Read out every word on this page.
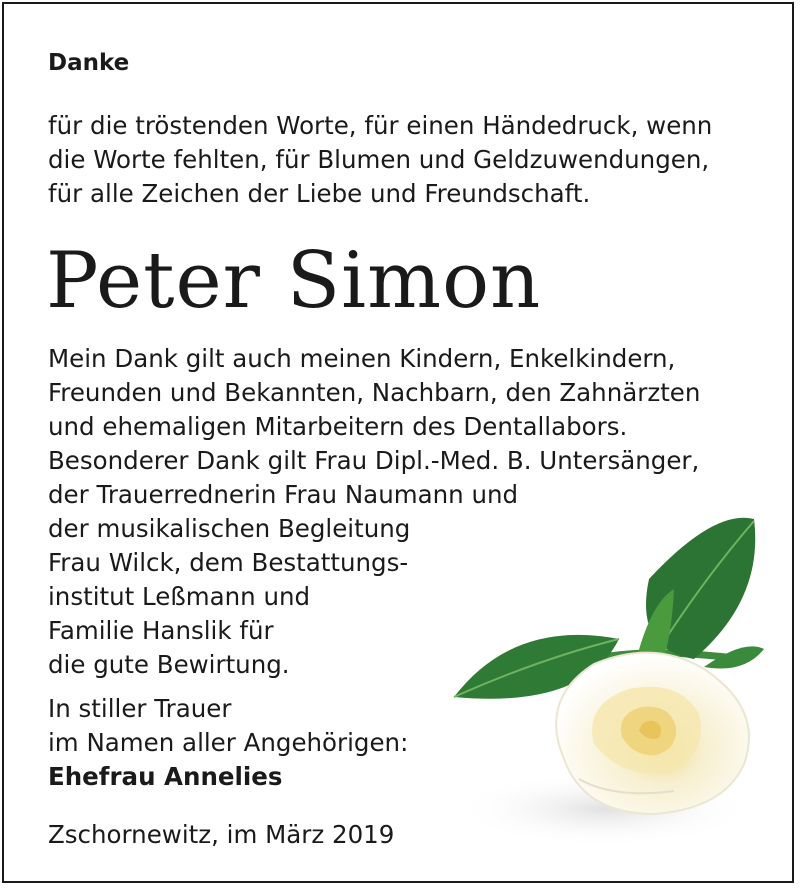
Danke

für die tröstenden Worte, für einen Händedruck, wenn
die Worte fehlten, für Blumen und Geldzuwendungen,
für alle Zeichen der Liebe und Freundschaft.

Peter Simon

Mein Dank gilt auch meinen Kindern, Enkelkindern,
Freunden und Bekannten, Nachbarn, den Zahnärzten
und ehemaligen Mitarbeitern des Dentallabors.
Besonderer Dank gilt Frau Dipl.-Med. B. Untersänger,
der Trauerrednerin Frau Naumann und
der musikalischen Begleitung
Frau Wilck, dem Bestattungs-
institut Leßmann und
Familie Hanslik für
die gute Bewirtung.

In stiller Trauer
im Namen aller Angehörigen:
Ehefrau Annelies

Zschornewitz, im März 2019
